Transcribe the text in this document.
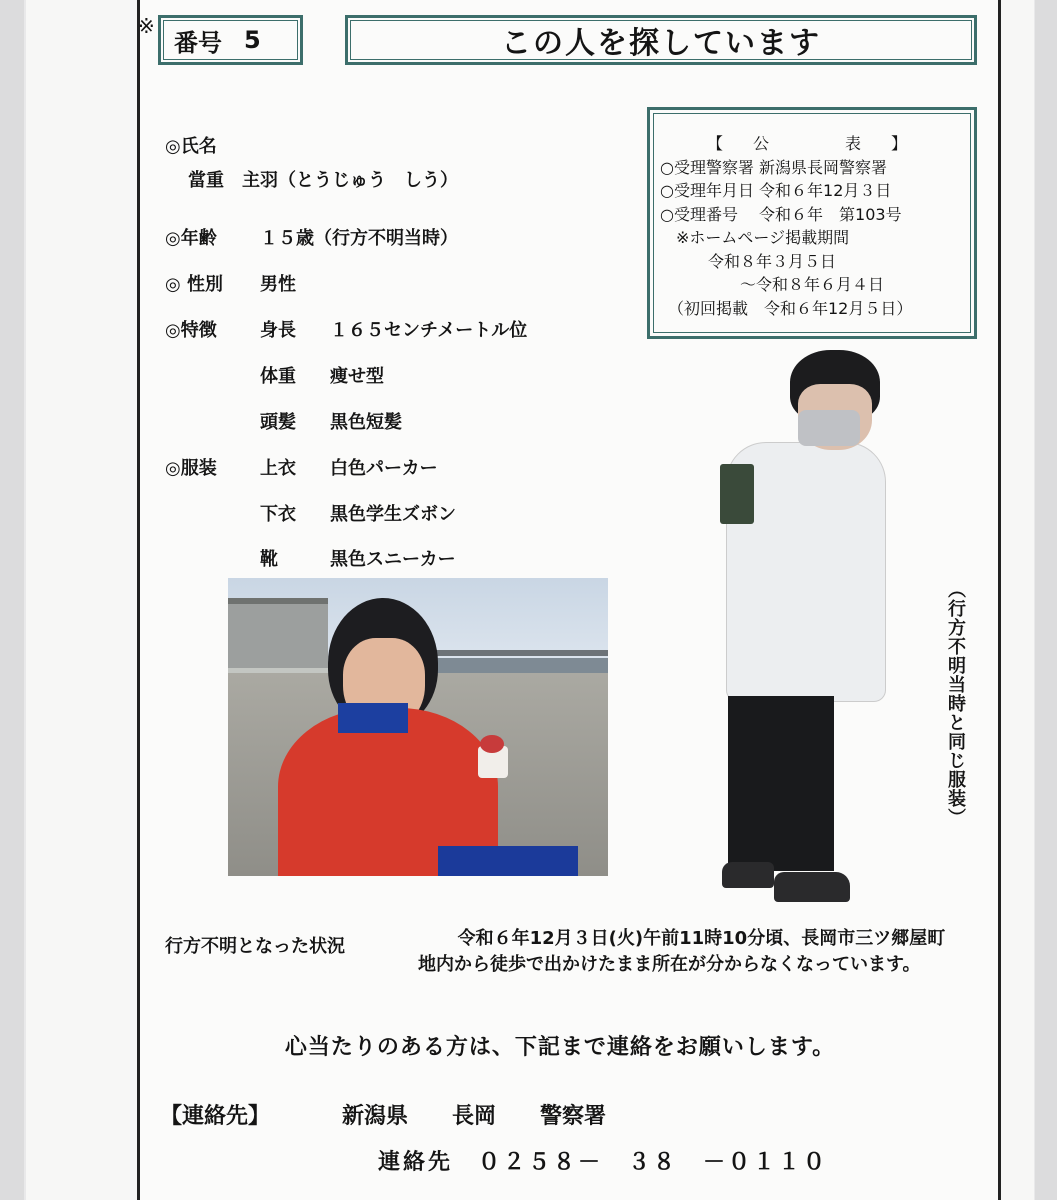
※
番号 5	この人を探しています
【公　表】
○受理警察署 新潟県長岡警察署
○受理年月日 令和６年12月３日
○受理番号　 令和６年　第103号
　※ホームページ掲載期間
　　　令和８年３月５日
　　　　　～令和８年６月４日
　（初回掲載　令和６年12月５日）
◎氏名
當重　主羽（とうじゅう　しう）
◎年齢 １５歳（行方不明当時）
◎ 性別 男性
◎特徴 身長 １６５センチメートル位
体重 痩せ型
頭髪 黒色短髪
◎服装 上衣 白色パーカー
下衣 黒色学生ズボン
靴	黒色スニーカー
（行方不明当時と同じ服装）
行方不明となった状況	令和６年12月３日(火)午前11時10分頃、長岡市三ツ郷屋町地内から徒歩で出かけたまま所在が分からなくなっています。
心当たりのある方は、下記まで連絡をお願いします。
【連絡先】	新潟県　　長岡　　警察署
連絡先　 ０２５８－　３８　－０１１０
